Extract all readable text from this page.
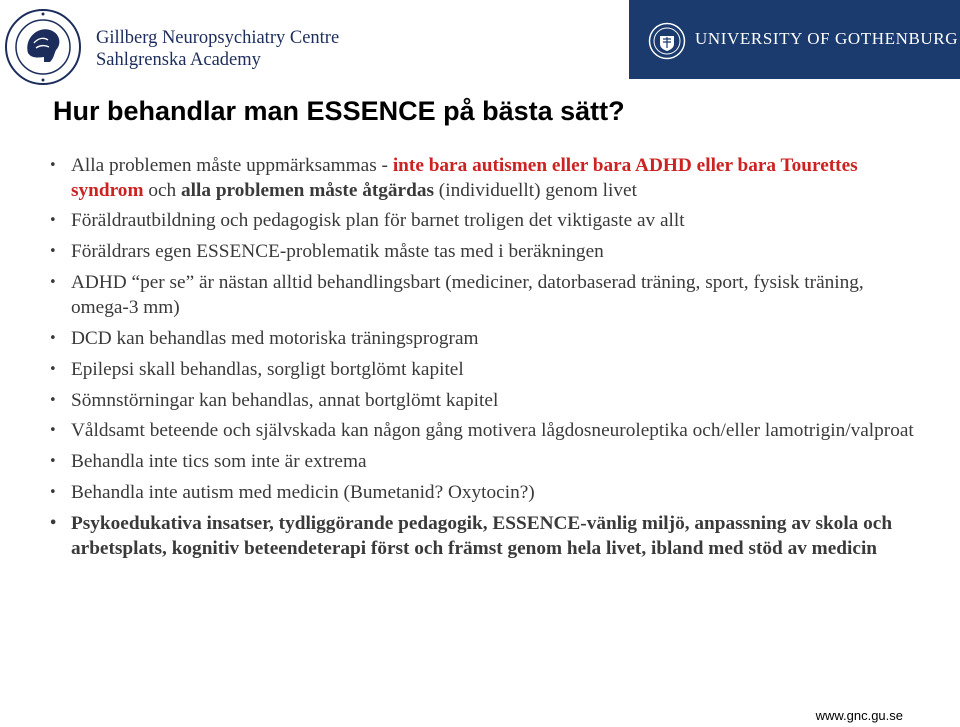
Gillberg Neuropsychiatry Centre
Sahlgrenska Academy
UNIVERSITY OF GOTHENBURG
Hur behandlar man ESSENCE på bästa sätt?
• Alla problemen måste uppmärksammas - inte bara autismen eller bara ADHD eller bara Tourettes syndrom och alla problemen måste åtgärdas (individuellt) genom livet
• Föräldrautbildning och pedagogisk plan för barnet troligen det viktigaste av allt
• Föräldrars egen ESSENCE-problematik måste tas med i beräkningen
• ADHD “per se” är nästan alltid behandlingsbart (mediciner, datorbaserad träning, sport, fysisk träning, omega-3 mm)
• DCD kan behandlas med motoriska träningsprogram
• Epilepsi skall behandlas, sorgligt bortglömt kapitel
• Sömnstörningar kan behandlas, annat bortglömt kapitel
• Våldsamt beteende och självskada kan någon gång motivera lågdosneuroleptika och/eller lamotrigin/valproat
• Behandla inte tics som inte är extrema
• Behandla inte autism med medicin (Bumetanid? Oxytocin?)
• Psykoedukativa insatser, tydliggörande pedagogik, ESSENCE-vänlig miljö, anpassning av skola och arbetsplats, kognitiv beteendeterapi först och främst genom hela livet, ibland med stöd av medicin
www.gnc.gu.se
